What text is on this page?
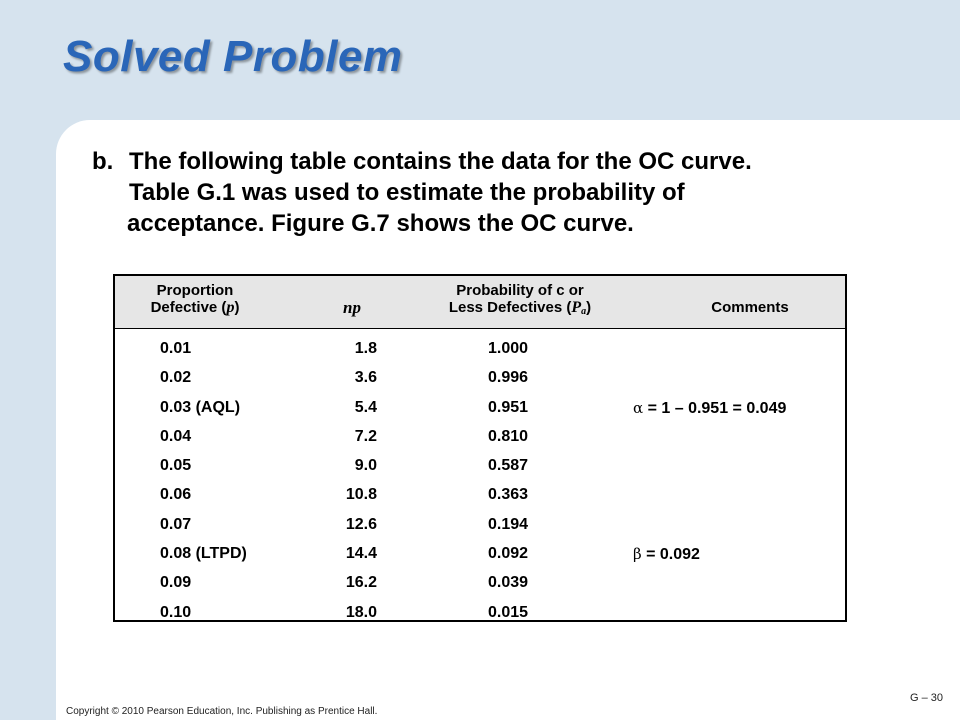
Solved Problem
b. The following table contains the data for the OC curve.
Table G.1 was used to estimate the probability of
acceptance. Figure G.7 shows the OC curve.
Proportion
Defective (p)	np
Probability of c or
Less Defectives $(P_a)$	Comments
0.01	1.8	1.000
0.02	3.6	0.996
0.03 (AQL)	5.4	0.951	α = 1 – 0.951 = 0.049
0.04	7.2	0.810
0.05	9.0	0.587
0.06	10.8	0.363
0.07	12.6	0.194
0.08 (LTPD)	14.4	0.092	β = 0.092
0.09	16.2	0.039
0.10	18.0	0.015
Copyright © 2010 Pearson Education, Inc. Publishing as Prentice Hall.
G – 30
